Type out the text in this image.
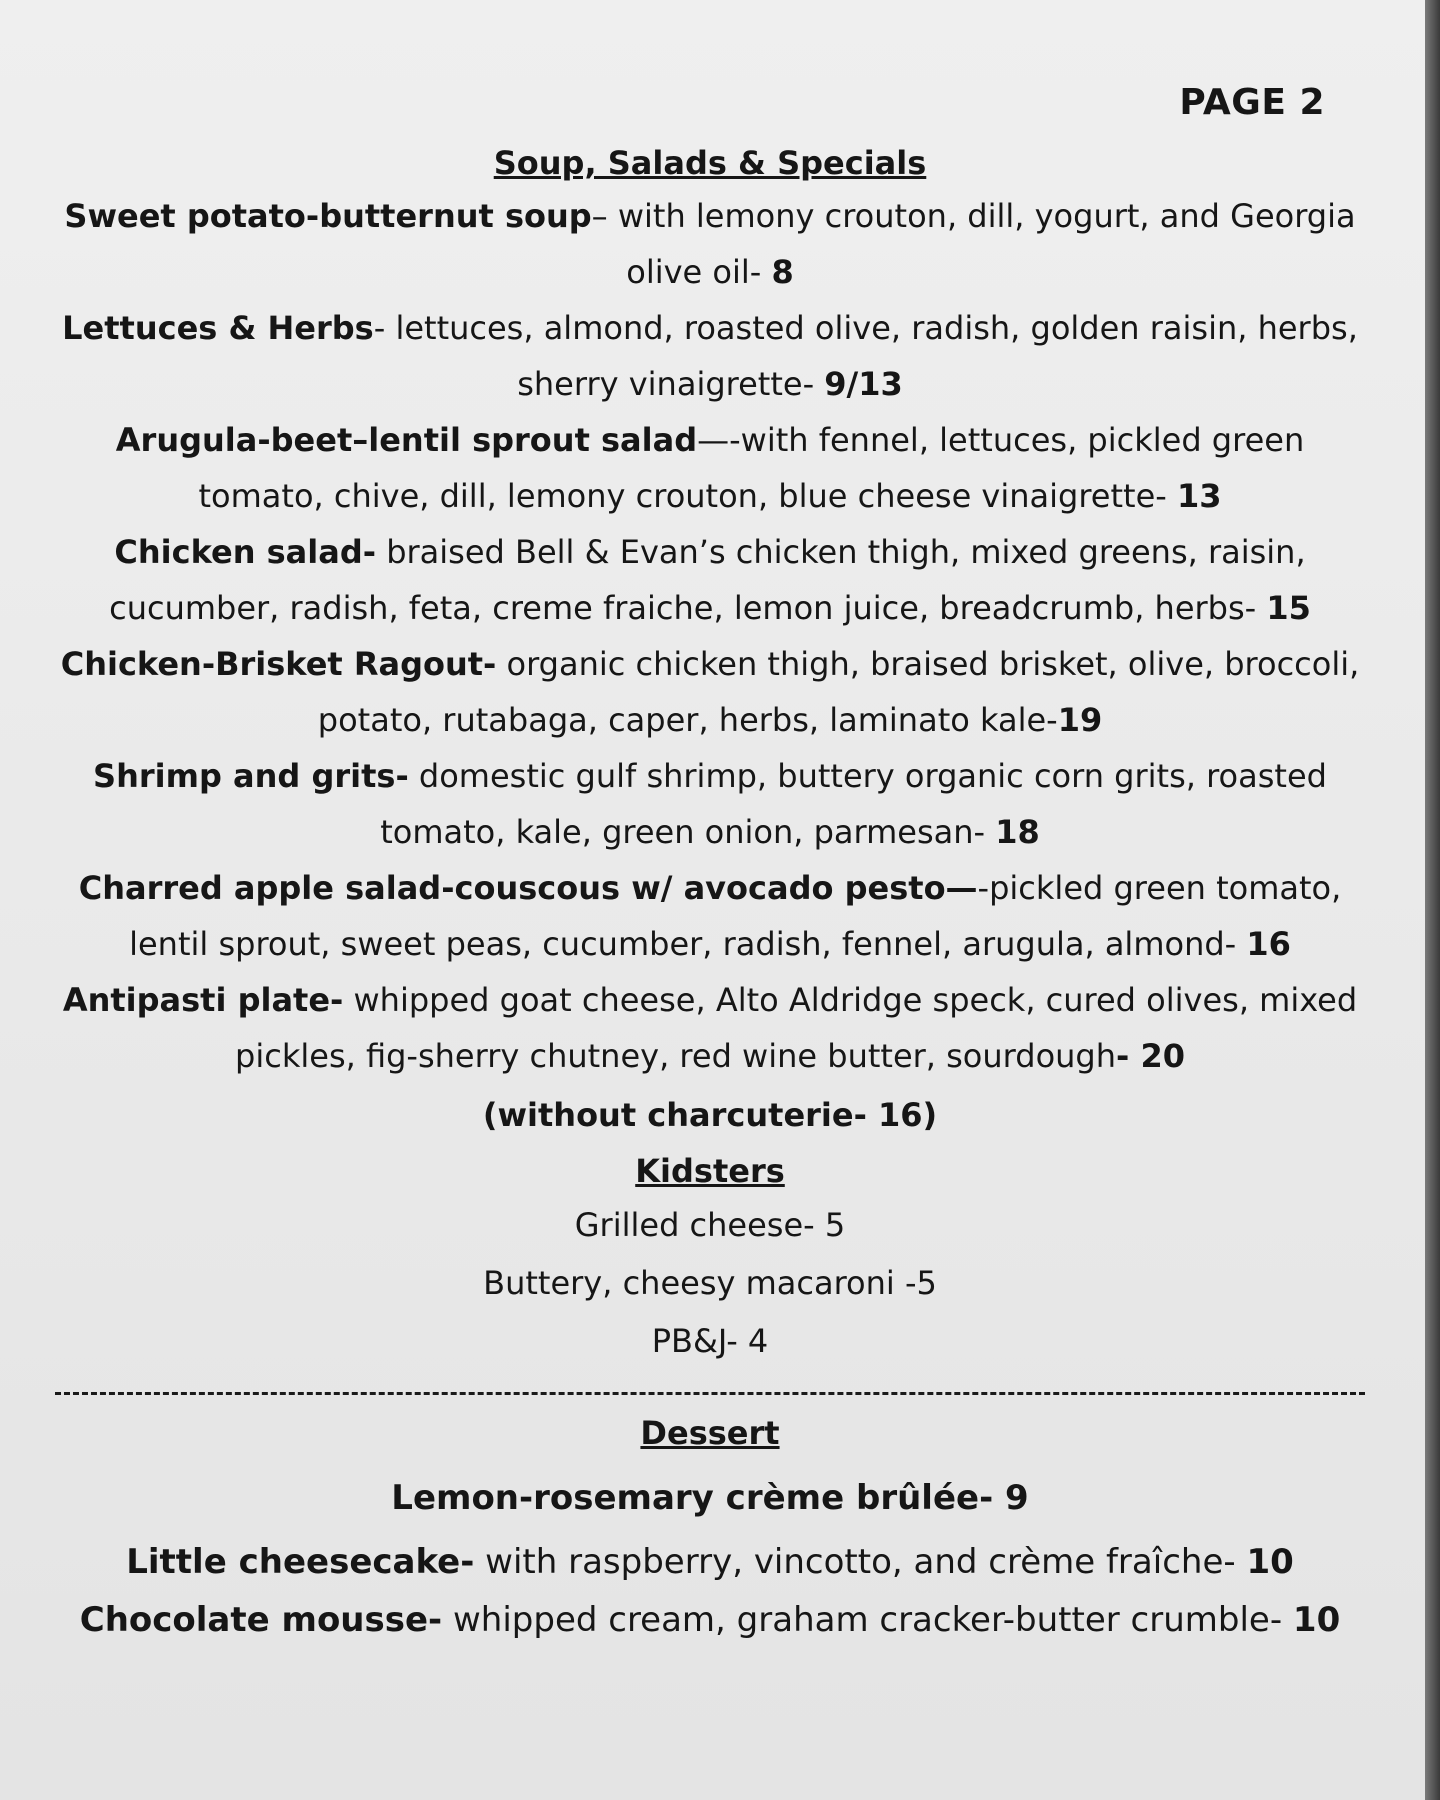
PAGE 2

Soup, Salads & Specials

Sweet potato-butternut soup– with lemony crouton, dill, yogurt, and Georgia olive oil- 8

Lettuces & Herbs- lettuces, almond, roasted olive, radish, golden raisin, herbs, sherry vinaigrette- 9/13

Arugula-beet–lentil sprout salad—-with fennel, lettuces, pickled green tomato, chive, dill, lemony crouton, blue cheese vinaigrette- 13

Chicken salad- braised Bell & Evan’s chicken thigh, mixed greens, raisin, cucumber, radish, feta, creme fraiche, lemon juice, breadcrumb, herbs- 15

Chicken-Brisket Ragout- organic chicken thigh, braised brisket, olive, broccoli, potato, rutabaga, caper, herbs, laminato kale-19

Shrimp and grits- domestic gulf shrimp, buttery organic corn grits, roasted tomato, kale, green onion, parmesan- 18

Charred apple salad-couscous w/ avocado pesto—-pickled green tomato, lentil sprout, sweet peas, cucumber, radish, fennel, arugula, almond- 16

Antipasti plate- whipped goat cheese, Alto Aldridge speck, cured olives, mixed pickles, fig-sherry chutney, red wine butter, sourdough- 20

(without charcuterie- 16)

Kidsters

Grilled cheese- 5

Buttery, cheesy macaroni -5

PB&J- 4

Dessert

Lemon-rosemary crème brûlée- 9

Little cheesecake- with raspberry, vincotto, and crème fraîche- 10

Chocolate mousse- whipped cream, graham cracker-butter crumble- 10
